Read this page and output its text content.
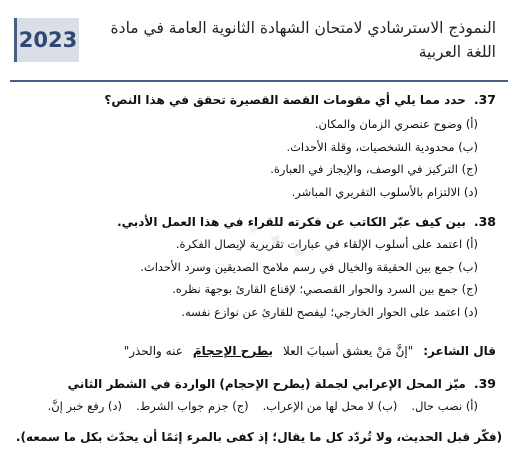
2023	النموذج الاسترشادي لامتحان الشهادة الثانوية العامة في مادة اللغة العربية
✦ ✦ ✦
37.
حدد مما يلي أي مقومات القصة القصيرة تحقق في هذا النص؟
(أ) وضوح عنصري الزمان والمكان.
(ب) محدودية الشخصيات، وقلة الأحداث.
(ج) التركيز في الوصف، والإيجاز في العبارة.
(د) الالتزام بالأسلوب التقريري المباشر.
38.
بين كيف عبّر الكاتب عن فكرته للقراء في هذا العمل الأدبي.
(أ) اعتمد على أسلوب الإلقاء في عبارات تقريرية لإيصال الفكرة.
(ب) جمع بين الحقيقة والخيال في رسم ملامح الصديقين وسرد الأحداث.
(ج) جمع بين السرد والحوار القصصي؛ لإقناع القارئ بوجهة نظره.
(د) اعتمد على الحوار الخارجي؛ ليفصح للقارئ عن نوازع نفسه.
قال الشاعر:
"إنَّ مَنْ يعشق أسبابَ العلا
يطرح الإحجامَ
عنه والحذر"
39.
ميّز المحل الإعرابي لجملة (يطرح الإحجام) الواردة في الشطر الثاني
(أ) نصب حال.
(ب) لا محل لها من الإعراب.
(ج) جزم جواب الشرط.
(د) رفع خبر إنَّ.
(فكّر قبل الحديث، ولا تُردّد كل ما يقال؛ إذ كفى بالمرء إثمًا أن يحدّث بكل ما سمعه).
